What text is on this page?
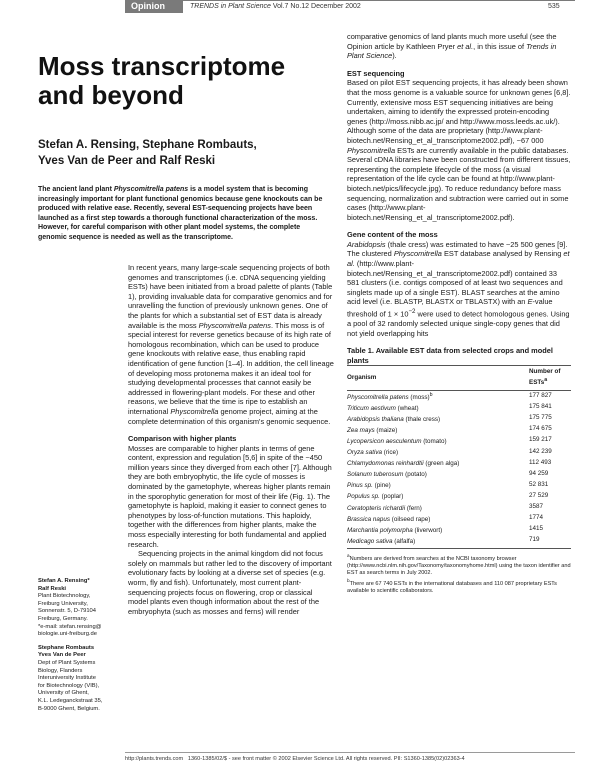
Opinion	TRENDS in Plant Science Vol.7 No.12 December 2002	535
Moss transcriptome
and beyond

Stefan A. Rensing, Stephane Rombauts,
Yves Van de Peer and Ralf Reski

The ancient land plant Physcomitrella patens is a model system that is becoming increasingly important for plant functional genomics because gene knockouts can be produced with relative ease. Recently, several EST-sequencing projects have been launched as a first step towards a thorough functional characterization of the moss. However, for careful comparison with other plant model systems, the complete genomic sequence is needed as well as the transcriptome.

In recent years, many large-scale sequencing projects of both genomes and transcriptomes (i.e. cDNA sequencing yielding ESTs) have been initiated from a broad palette of plants (Table 1), providing invaluable data for comparative genomics and for unravelling the function of previously unknown genes. One of the plants for which a substantial set of EST data is already available is the moss Physcomitrella patens. This moss is of special interest for reverse genetics because of its high rate of homologous recombination, which can be used to produce gene knockouts with relative ease, thus enabling rapid identification of gene function [1–4]. In addition, the cell lineage of developing moss protonema makes it an ideal tool for studying developmental processes that cannot easily be addressed in flowering-plant models. For these and other reasons, we believe that the time is ripe to establish an international Physcomitrella genome project, aiming at the complete determination of this organism's genomic sequence.

Comparison with higher plants

Mosses are comparable to higher plants in terms of gene content, expression and regulation [5,6] in spite of the ~450 million years since they diverged from each other [7]. Although they are both embryophytic, the life cycle of mosses is dominated by the gametophyte, whereas higher plants remain in the sporophytic generation for most of their life (Fig. 1). The gametophyte is haploid, making it easier to connect genes to phenotypes by loss-of-function mutations. This haploidy, together with the differences from higher plants, make the moss especially interesting for both fundamental and applied research.

Sequencing projects in the animal kingdom did not focus solely on mammals but rather led to the discovery of important evolutionary facts by looking at a diverse set of species (e.g. worm, fly and fish). Unfortunately, most current plant-sequencing projects focus on flowering, crop or classical model plants even though information about the rest of the embryophyta (such as mosses and ferns) will render

comparative genomics of land plants much more useful (see the Opinion article by Kathleen Pryer et al., in this issue of Trends in Plant Science).

EST sequencing

Based on pilot EST sequencing projects, it has already been shown that the moss genome is a valuable source for unknown genes [6,8]. Currently, extensive moss EST sequencing initiatives are being undertaken, aiming to identify the expressed protein-encoding genes (http://moss.nibb.ac.jp/ and http://www.moss.leeds.ac.uk/). Although some of the data are proprietary (http://www.plant-biotech.net/Rensing_et_al_transcriptome2002.pdf), ~67 000 Physcomitrella ESTs are currently available in the public databases. Several cDNA libraries have been constructed from different tissues, representing the complete lifecycle of the moss (a visual representation of the life cycle can be found at http://www.plant-biotech.net/pics/lifecycle.jpg). To reduce redundancy before mass sequencing, normalization and subtraction were carried out in some cases (http://www.plant-biotech.net/Rensing_et_al_transcriptome2002.pdf).

Gene content of the moss

Arabidopsis (thale cress) was estimated to have ~25 500 genes [9]. The clustered Physcomitrella EST database analysed by Rensing et al. (http://www.plant-biotech.net/Rensing_et_al_transcriptome2002.pdf) contained 33 581 clusters (i.e. contigs composed of at least two sequences and singlets made up of a single EST). BLAST searches at the amino acid level (i.e. BLASTP, BLASTX or TBLASTX) with an E-value threshold of $1 \times 10^{-2}$ were used to detect homologous genes. Using a pool of 32 randomly selected unique single-copy genes that did not yield overlapping hits

Table 1. Available EST data from selected crops and model plants

Organism	Number of ESTs$^a$
Physcomitrella patens (moss)$^b$	177 827
Triticum aestivum (wheat)	175 841
Arabidopsis thaliana (thale cress)	175 775
Zea mays (maize)	174 675
Lycopersicon aesculentum (tomato)	159 217
Oryza sativa (rice)	142 239
Chlamydomonas reinhardtii (green alga)	112 493
Solanum tuberosum (potato)	94 259
Pinus sp. (pine)	52 831
Populus sp. (poplar)	27 529
Ceratopteris richardii (fern)	3587
Brassica napus (oilseed rape)	1774
Marchantia polymorpha (liverwort)	1415
Medicago sativa (alfalfa)	719
$^a$Numbers are derived from searches at the NCBI taxonomy browser (http://www.ncbi.nlm.nih.gov/Taxonomy/taxonomyhome.html) using the taxon identifier and EST as search terms in July 2002.
$^b$There are 67 740 ESTs in the international databases and 110 087 proprietary ESTs available to scientific collaborators.

Stefan A. Rensing*

Ralf Reski

Plant Biotechnology,

Freiburg University,

Sonnenstr. 5, D-79104

Freiburg, Germany.

*e-mail: stefan.rensing@

biologie.uni-freiburg.de

Stephane Rombauts

Yves Van de Peer

Dept of Plant Systems

Biology, Flanders

Interuniversity Institute

for Biotechnology (VIB),

University of Ghent,

K.L. Ledeganckstraat 35,

B-9000 Ghent, Belgium.

http://plants.trends.com 1360-1385/02/$ - see front matter © 2002 Elsevier Science Ltd. All rights reserved. PII: S1360-1385(02)02363-4
